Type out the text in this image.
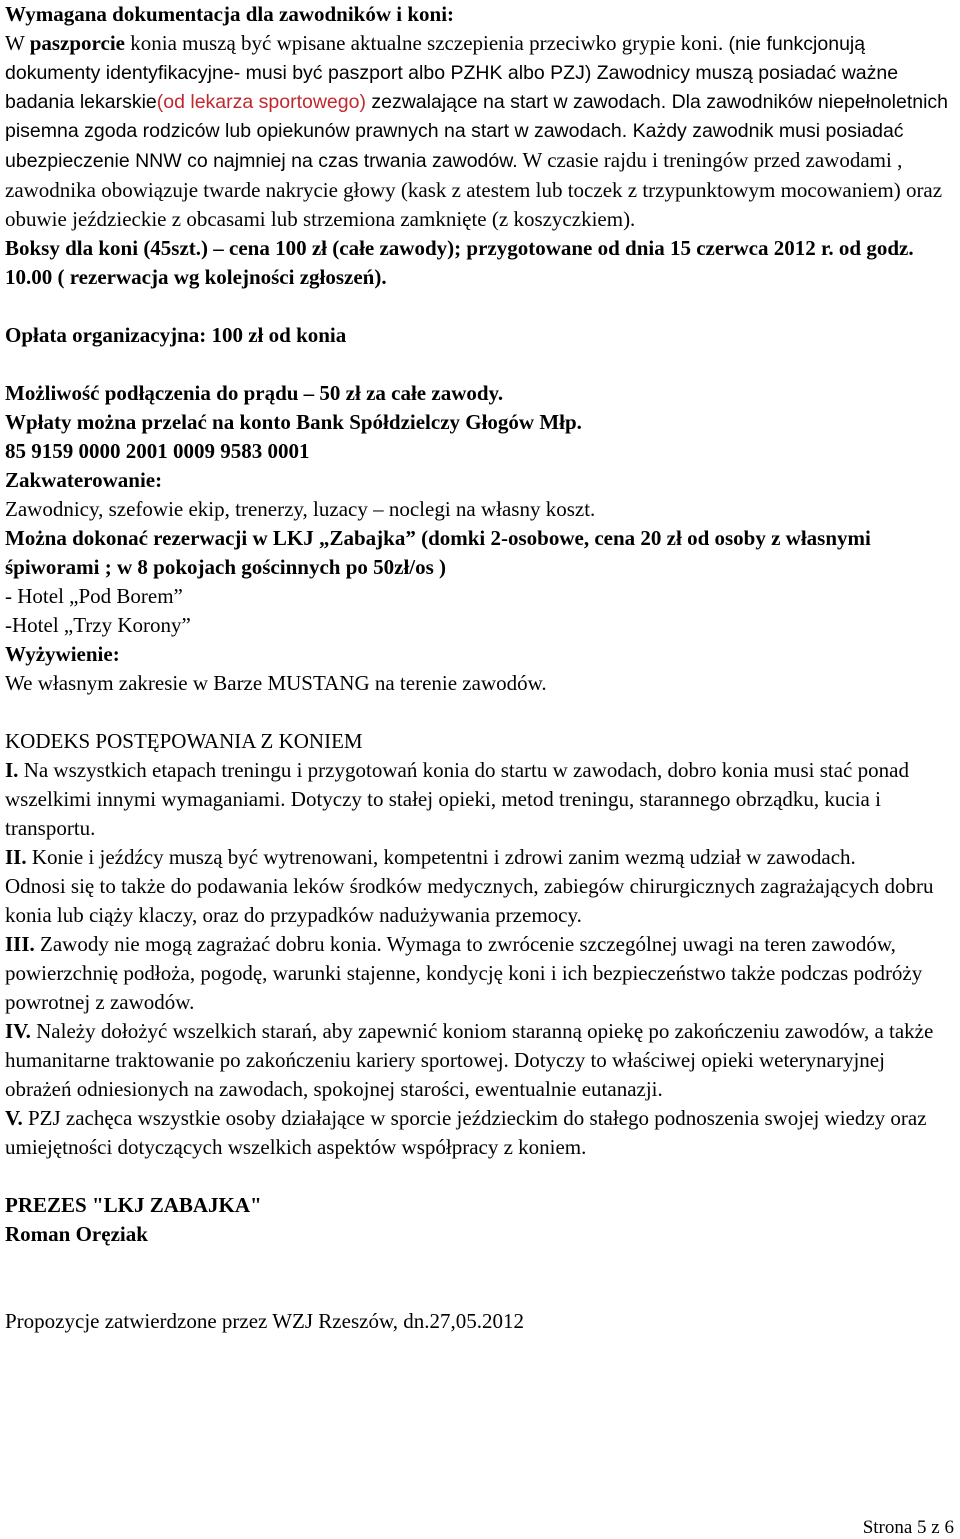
Wymagana dokumentacja dla zawodników i koni:

W paszporcie konia muszą być wpisane aktualne szczepienia przeciwko grypie koni. (nie funkcjonują dokumenty identyfikacyjne- musi być paszport albo PZHK albo PZJ) Zawodnicy muszą posiadać ważne badania lekarskie(od lekarza sportowego) zezwalające na start w zawodach. Dla zawodników niepełnoletnich pisemna zgoda rodziców lub opiekunów prawnych na start w zawodach. Każdy zawodnik musi posiadać ubezpieczenie NNW co najmniej na czas trwania zawodów. W czasie rajdu i treningów przed zawodami , zawodnika obowiązuje twarde nakrycie głowy (kask z atestem lub toczek z trzypunktowym mocowaniem) oraz obuwie jeździeckie z obcasami lub strzemiona zamknięte (z koszyczkiem).

Boksy dla koni (45szt.) – cena 100 zł (całe zawody); przygotowane od dnia 15 czerwca 2012 r. od godz. 10.00 ( rezerwacja wg kolejności zgłoszeń).

Opłata organizacyjna: 100 zł od konia

Możliwość podłączenia do prądu – 50 zł za całe zawody.

Wpłaty można przelać na konto Bank Spółdzielczy Głogów Młp.

85 9159 0000 2001 0009 9583 0001

Zakwaterowanie:

Zawodnicy, szefowie ekip, trenerzy, luzacy – noclegi na własny koszt.

Można dokonać rezerwacji w LKJ „Zabajka” (domki 2-osobowe, cena 20 zł od osoby z własnymi śpiworami ; w 8 pokojach gościnnych po 50zł/os )

- Hotel „Pod Borem”

-Hotel „Trzy Korony”

Wyżywienie:

We własnym zakresie w Barze MUSTANG na terenie zawodów.

KODEKS POSTĘPOWANIA Z KONIEM

I. Na wszystkich etapach treningu i przygotowań konia do startu w zawodach, dobro konia musi stać ponad wszelkimi innymi wymaganiami. Dotyczy to stałej opieki, metod treningu, starannego obrządku, kucia i transportu.

II. Konie i jeźdźcy muszą być wytrenowani, kompetentni i zdrowi zanim wezmą udział w zawodach.

Odnosi się to także do podawania leków środków medycznych, zabiegów chirurgicznych zagrażających dobru konia lub ciąży klaczy, oraz do przypadków nadużywania przemocy.

III. Zawody nie mogą zagrażać dobru konia. Wymaga to zwrócenie szczególnej uwagi na teren zawodów, powierzchnię podłoża, pogodę, warunki stajenne, kondycję koni i ich bezpieczeństwo także podczas podróży powrotnej z zawodów.

IV. Należy dołożyć wszelkich starań, aby zapewnić koniom staranną opiekę po zakończeniu zawodów, a także humanitarne traktowanie po zakończeniu kariery sportowej. Dotyczy to właściwej opieki weterynaryjnej obrażeń odniesionych na zawodach, spokojnej starości, ewentualnie eutanazji.

V. PZJ zachęca wszystkie osoby działające w sporcie jeździeckim do stałego podnoszenia swojej wiedzy oraz umiejętności dotyczących wszelkich aspektów współpracy z koniem.

PREZES "LKJ ZABAJKA"

Roman Oręziak

Propozycje zatwierdzone przez WZJ Rzeszów, dn.27,05.2012

Strona 5 z 6
